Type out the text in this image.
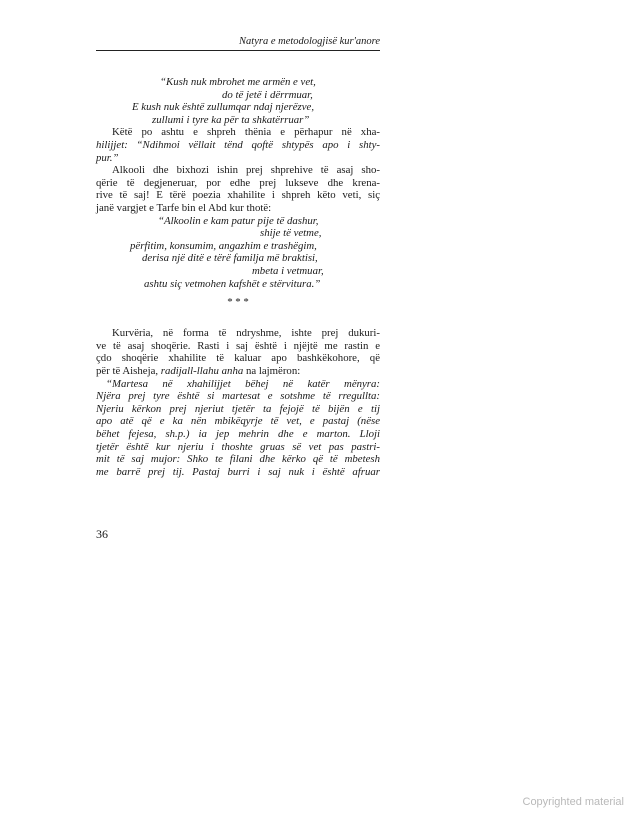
Natyra e metodologjisë kur'anore
“Kush nuk mbrohet me armën e vet,
do të jetë i dërrmuar,
E kush nuk është zullumqar ndaj njerëzve,
zullumi i tyre ka për ta shkatërruar”
Këtë po ashtu e shpreh thënia e përhapur në xha-
hilijjet: “Ndihmoi vëllait tënd qoftë shtypës apo i shty-
pur.”
Alkooli dhe bixhozi ishin prej shprehive të asaj sho-
qërie të degjeneruar, por edhe prej lukseve dhe krena-
rive të saj! E tërë poezia xhahilite i shpreh këto veti, siç
janë vargjet e Tarfe bin el Abd kur thotë:
“Alkoolin e kam patur pije të dashur,
shije të vetme,
përfitim, konsumim, angazhim e trashëgim,
derisa një ditë e tërë familja më braktisi,
mbeta i vetmuar,
ashtu siç vetmohen kafshët e stërvitura.”
* * *
Kurvëria, në forma të ndryshme, ishte prej dukuri-
ve të asaj shoqërie. Rasti i saj është i njëjtë me rastin e
çdo shoqërie xhahilite të kaluar apo bashkëkohore, që
për të Aisheja, radijall-llahu anha na lajmëron:
“Martesa në xhahilijjet bëhej në katër mënyra:
Njëra prej tyre është si martesat e sotshme të rregullta:
Njeriu kërkon prej njeriut tjetër ta fejojë të bijën e tij
apo atë që e ka nën mbikëqyrje të vet, e pastaj (nëse
bëhet fejesa, sh.p.) ia jep mehrin dhe e marton. Lloji
tjetër është kur njeriu i thoshte gruas së vet pas pastri-
mit të saj mujor: Shko te filani dhe kërko që të mbetesh
me barrë prej tij. Pastaj burri i saj nuk i është afruar
36
Copyrighted material
